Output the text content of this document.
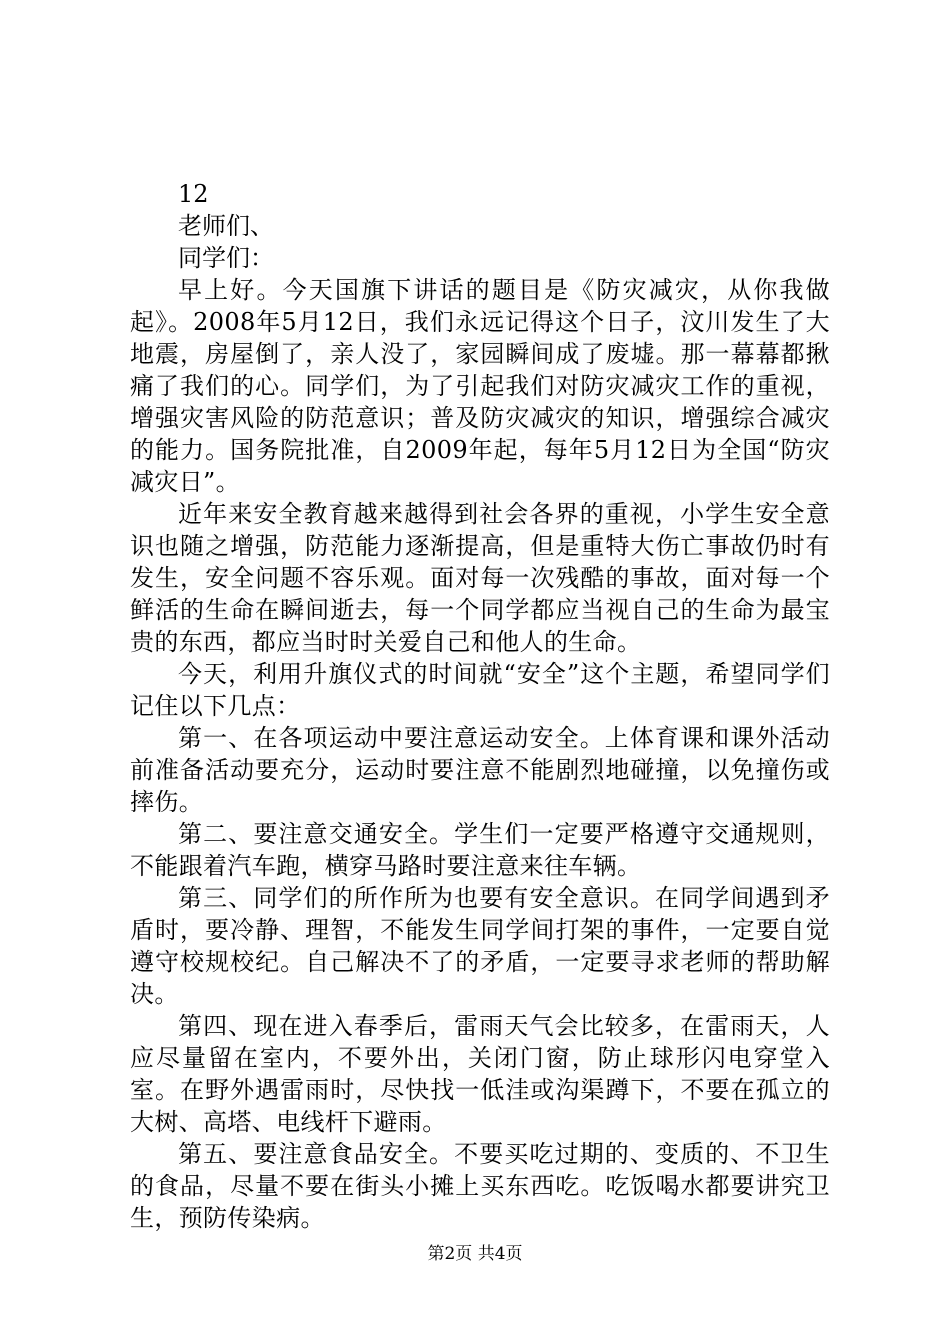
12
老师们、
同学们：

早上好。今天国旗下讲话的题目是《防灾减灾，从你我做起》。2008年5月12日，我们永远记得这个日子，汶川发生了大地震，房屋倒了，亲人没了，家园瞬间成了废墟。那一幕幕都揪痛了我们的心。同学们，为了引起我们对防灾减灾工作的重视，增强灾害风险的防范意识；普及防灾减灾的知识，增强综合减灾的能力。国务院批准，自2009年起，每年5月12日为全国“防灾减灾日”。

近年来安全教育越来越得到社会各界的重视，小学生安全意识也随之增强，防范能力逐渐提高，但是重特大伤亡事故仍时有发生，安全问题不容乐观。面对每一次残酷的事故，面对每一个鲜活的生命在瞬间逝去，每一个同学都应当视自己的生命为最宝贵的东西，都应当时时关爱自己和他人的生命。

今天，利用升旗仪式的时间就“安全”这个主题，希望同学们记住以下几点：

第一、在各项运动中要注意运动安全。上体育课和课外活动前准备活动要充分，运动时要注意不能剧烈地碰撞，以免撞伤或摔伤。

第二、要注意交通安全。学生们一定要严格遵守交通规则，不能跟着汽车跑，横穿马路时要注意来往车辆。

第三、同学们的所作所为也要有安全意识。在同学间遇到矛盾时，要冷静、理智，不能发生同学间打架的事件，一定要自觉遵守校规校纪。自己解决不了的矛盾，一定要寻求老师的帮助解决。

第四、现在进入春季后，雷雨天气会比较多，在雷雨天，人应尽量留在室内，不要外出，关闭门窗，防止球形闪电穿堂入室。在野外遇雷雨时，尽快找一低洼或沟渠蹲下，不要在孤立的大树、高塔、电线杆下避雨。

第五、要注意食品安全。不要买吃过期的、变质的、不卫生的食品，尽量不要在街头小摊上买东西吃。吃饭喝水都要讲究卫生，预防传染病。

第2页 共4页
